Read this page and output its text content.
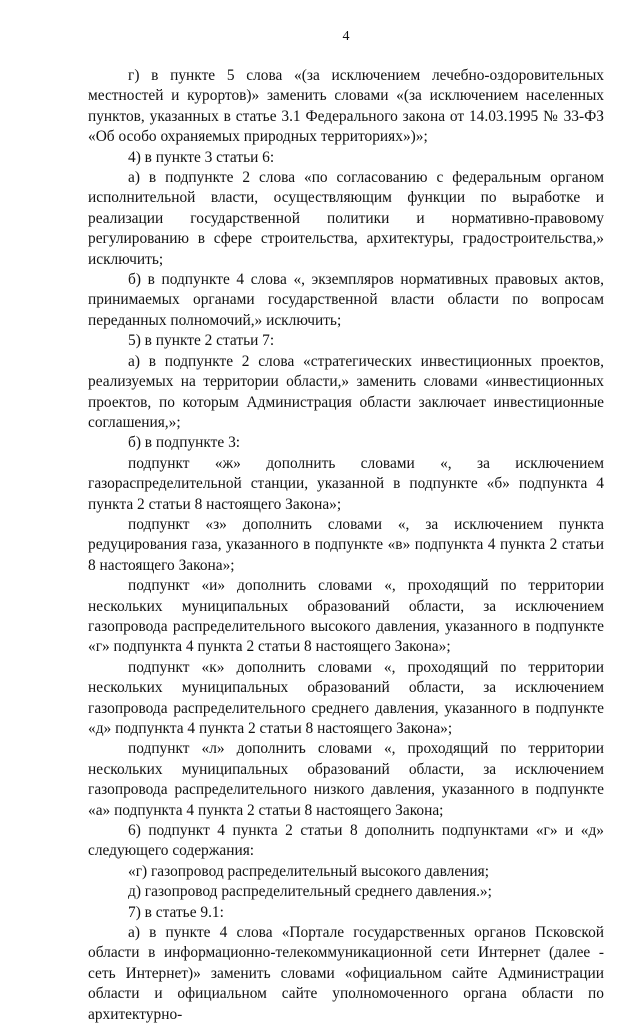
4

г) в пункте 5 слова «(за исключением лечебно-оздоровительных местностей и курортов)» заменить словами «(за исключением населенных пунктов, указанных в статье 3.1 Федерального закона от 14.03.1995 № 33-ФЗ «Об особо охраняемых природных территориях»)»;

4) в пункте 3 статьи 6:

а) в подпункте 2 слова «по согласованию с федеральным органом исполнительной власти, осуществляющим функции по выработке и реализации государственной политики и нормативно-правовому регулированию в сфере строительства, архитектуры, градостроительства,» исключить;

б) в подпункте 4 слова «, экземпляров нормативных правовых актов, принимаемых органами государственной власти области по вопросам переданных полномочий,» исключить;

5) в пункте 2 статьи 7:

а) в подпункте 2 слова «стратегических инвестиционных проектов, реализуемых на территории области,» заменить словами «инвестиционных проектов, по которым Администрация области заключает инвестиционные соглашения,»;

б) в подпункте 3:

подпункт «ж» дополнить словами «, за исключением газораспределительной станции, указанной в подпункте «б» подпункта 4 пункта 2 статьи 8 настоящего Закона»;

подпункт «з» дополнить словами «, за исключением пункта редуцирования газа, указанного в подпункте «в» подпункта 4 пункта 2 статьи 8 настоящего Закона»;

подпункт «и» дополнить словами «, проходящий по территории нескольких муниципальных образований области, за исключением газопровода распределительного высокого давления, указанного в подпункте «г» подпункта 4 пункта 2 статьи 8 настоящего Закона»;

подпункт «к» дополнить словами «, проходящий по территории нескольких муниципальных образований области, за исключением газопровода распределительного среднего давления, указанного в подпункте «д» подпункта 4 пункта 2 статьи 8 настоящего Закона»;

подпункт «л» дополнить словами «, проходящий по территории нескольких муниципальных образований области, за исключением газопровода распределительного низкого давления, указанного в подпункте «а» подпункта 4 пункта 2 статьи 8 настоящего Закона;

6) подпункт 4 пункта 2 статьи 8 дополнить подпунктами «г» и «д» следующего содержания:

«г) газопровод распределительный высокого давления;

д) газопровод распределительный среднего давления.»;

7) в статье 9.1:

а) в пункте 4 слова «Портале государственных органов Псковской области в информационно-телекоммуникационной сети Интернет (далее - сеть Интернет)» заменить словами «официальном сайте Администрации области и официальном сайте уполномоченного органа области по архитектурно-
